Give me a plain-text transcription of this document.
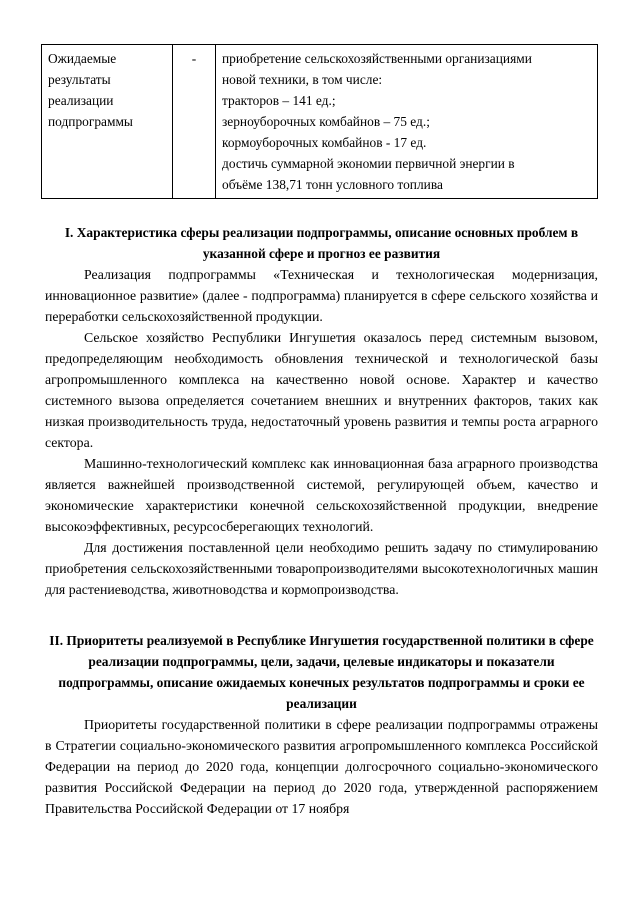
Ожидаемые
результаты
реализации
подпрограммы
	-	приобретение сельскохозяйственными организациями
новой техники, в том числе:
тракторов – 141 ед.;
зерноуборочных комбайнов – 75 ед.;
кормоуборочных комбайнов - 17 ед.
достичь суммарной экономии первичной энергии в
объёме 138,71 тонн условного топлива
I. Характеристика сферы реализации подпрограммы, описание основных проблем в указанной сфере и прогноз ее развития

Реализация подпрограммы «Техническая и технологическая модернизация, инновационное развитие» (далее - подпрограмма) планируется в сфере сельского хозяйства и переработки сельскохозяйственной продукции.

Сельское хозяйство Республики Ингушетия оказалось перед системным вызовом, предопределяющим необходимость обновления технической и технологической базы агропромышленного комплекса на качественно новой основе. Характер и качество системного вызова определяется сочетанием внешних и внутренних факторов, таких как низкая производительность труда, недостаточный уровень развития и темпы роста аграрного сектора.

Машинно-технологический комплекс как инновационная база аграрного производства является важнейшей производственной системой, регулирующей объем, качество и экономические характеристики конечной сельскохозяйственной продукции, внедрение высокоэффективных, ресурсосберегающих технологий.

Для достижения поставленной цели необходимо решить задачу по стимулированию приобретения сельскохозяйственными товаропроизводителями высокотехнологичных машин для растениеводства, животноводства и кормопроизводства.

II. Приоритеты реализуемой в Республике Ингушетия государственной политики в сфере реализации подпрограммы, цели, задачи, целевые индикаторы и показатели подпрограммы, описание ожидаемых конечных результатов подпрограммы и сроки ее реализации

Приоритеты государственной политики в сфере реализации подпрограммы отражены в Стратегии социально-экономического развития агропромышленного комплекса Российской Федерации на период до 2020 года, концепции долгосрочного социально-экономического развития Российской Федерации на период до 2020 года, утвержденной распоряжением Правительства Российской Федерации от 17 ноября
